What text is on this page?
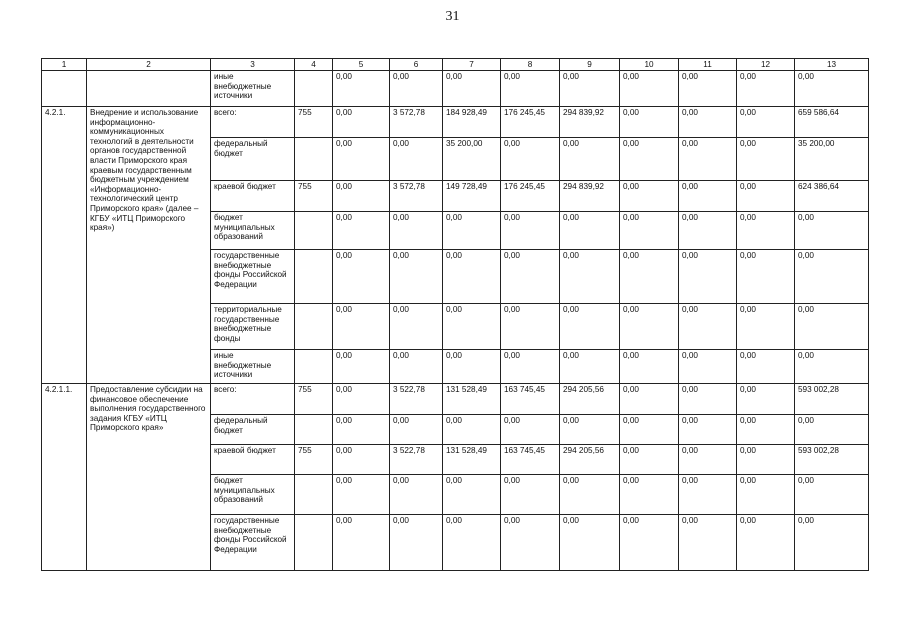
31
1	2	3	4	5	6	7	8	9	10	11	12	13
		иные внебюджетные источники		0,00	0,00	0,00	0,00	0,00	0,00	0,00	0,00	0,00
4.2.1.	Внедрение и использование информационно-коммуникационных технологий в деятельности органов государственной власти Приморского края краевым государственным бюджетным учреждением «Информационно-технологический центр Приморского края» (далее – КГБУ «ИТЦ Приморского края»)	всего:	755	0,00	3 572,78	184 928,49	176 245,45	294 839,92	0,00	0,00	0,00	659 586,64
		федеральный бюджет		0,00	0,00	35 200,00	0,00	0,00	0,00	0,00	0,00	35 200,00
		краевой бюджет	755	0,00	3 572,78	149 728,49	176 245,45	294 839,92	0,00	0,00	0,00	624 386,64
		бюджет муниципальных образований		0,00	0,00	0,00	0,00	0,00	0,00	0,00	0,00	0,00
		государственные внебюджетные фонды Российской Федерации		0,00	0,00	0,00	0,00	0,00	0,00	0,00	0,00	0,00
		территориальные государственные внебюджетные фонды		0,00	0,00	0,00	0,00	0,00	0,00	0,00	0,00	0,00
		иные внебюджетные источники		0,00	0,00	0,00	0,00	0,00	0,00	0,00	0,00	0,00
4.2.1.1.	Предоставление субсидии на финансовое обеспечение выполнения государственного задания КГБУ «ИТЦ Приморского края»	всего:	755	0,00	3 522,78	131 528,49	163 745,45	294 205,56	0,00	0,00	0,00	593 002,28
		федеральный бюджет		0,00	0,00	0,00	0,00	0,00	0,00	0,00	0,00	0,00
		краевой бюджет	755	0,00	3 522,78	131 528,49	163 745,45	294 205,56	0,00	0,00	0,00	593 002,28
		бюджет муниципальных образований		0,00	0,00	0,00	0,00	0,00	0,00	0,00	0,00	0,00
		государственные внебюджетные фонды Российской Федерации		0,00	0,00	0,00	0,00	0,00	0,00	0,00	0,00	0,00
